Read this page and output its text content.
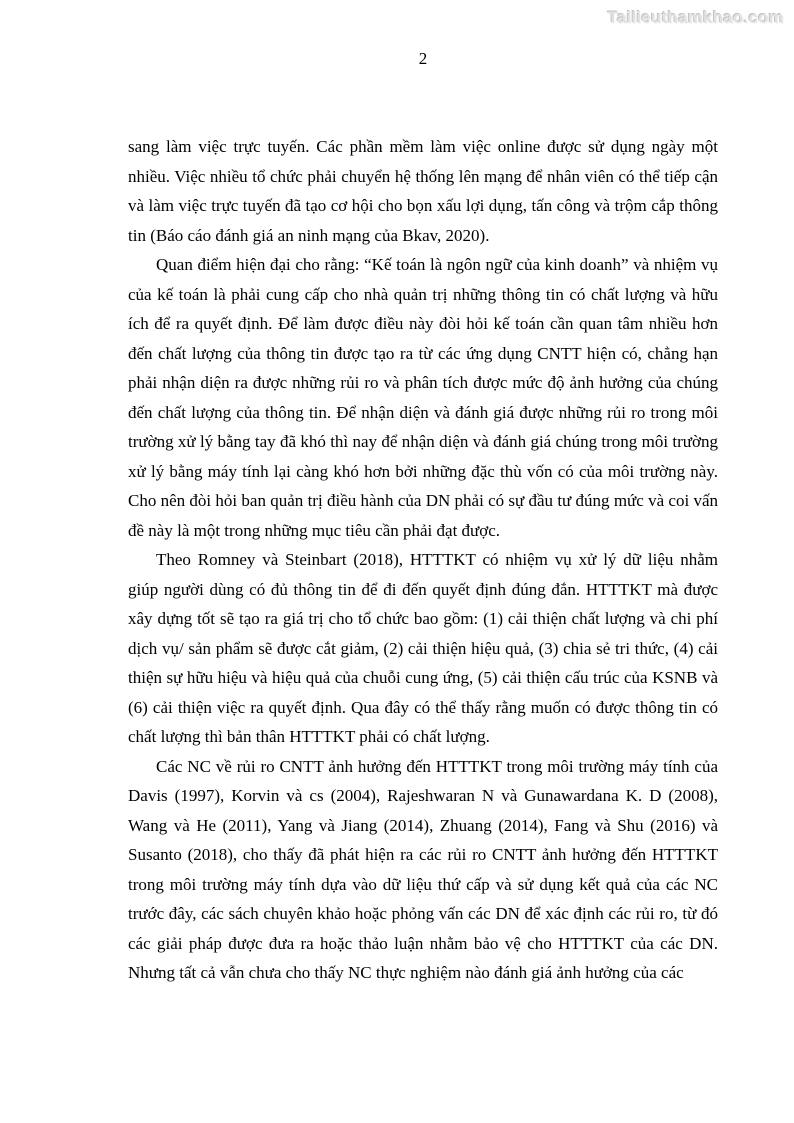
Tailieuthamkhao.com
2

sang làm việc trực tuyến. Các phần mềm làm việc online được sử dụng ngày một nhiều. Việc nhiều tổ chức phải chuyển hệ thống lên mạng để nhân viên có thể tiếp cận và làm việc trực tuyến đã tạo cơ hội cho bọn xấu lợi dụng, tấn công và trộm cắp thông tin (Báo cáo đánh giá an ninh mạng của Bkav, 2020).

Quan điểm hiện đại cho rằng: “Kế toán là ngôn ngữ của kinh doanh” và nhiệm vụ của kế toán là phải cung cấp cho nhà quản trị những thông tin có chất lượng và hữu ích để ra quyết định. Để làm được điều này đòi hỏi kế toán cần quan tâm nhiều hơn đến chất lượng của thông tin được tạo ra từ các ứng dụng CNTT hiện có, chẳng hạn phải nhận diện ra được những rủi ro và phân tích được mức độ ảnh hưởng của chúng đến chất lượng của thông tin. Để nhận diện và đánh giá được những rủi ro trong môi trường xử lý bằng tay đã khó thì nay để nhận diện và đánh giá chúng trong môi trường xử lý bằng máy tính lại càng khó hơn bởi những đặc thù vốn có của môi trường này. Cho nên đòi hỏi ban quản trị điều hành của DN phải có sự đầu tư đúng mức và coi vấn đề này là một trong những mục tiêu cần phải đạt được.

Theo Romney và Steinbart (2018), HTTTKT có nhiệm vụ xử lý dữ liệu nhằm giúp người dùng có đủ thông tin để đi đến quyết định đúng đắn. HTTTKT mà được xây dựng tốt sẽ tạo ra giá trị cho tổ chức bao gồm: (1) cải thiện chất lượng và chi phí dịch vụ/ sản phẩm sẽ được cắt giảm, (2) cải thiện hiệu quả, (3) chia sẻ tri thức, (4) cải thiện sự hữu hiệu và hiệu quả của chuỗi cung ứng, (5) cải thiện cấu trúc của KSNB và (6) cải thiện việc ra quyết định. Qua đây có thể thấy rằng muốn có được thông tin có chất lượng thì bản thân HTTTKT phải có chất lượng.

Các NC về rủi ro CNTT ảnh hưởng đến HTTTKT trong môi trường máy tính của Davis (1997), Korvin và cs (2004), Rajeshwaran N và Gunawardana K. D (2008), Wang và He (2011), Yang và Jiang (2014), Zhuang (2014), Fang và Shu (2016) và Susanto (2018), cho thấy đã phát hiện ra các rủi ro CNTT ảnh hưởng đến HTTTKT trong môi trường máy tính dựa vào dữ liệu thứ cấp và sử dụng kết quả của các NC trước đây, các sách chuyên khảo hoặc phỏng vấn các DN để xác định các rủi ro, từ đó các giải pháp được đưa ra hoặc thảo luận nhằm bảo vệ cho HTTTKT của các DN. Nhưng tất cả vẫn chưa cho thấy NC thực nghiệm nào đánh giá ảnh hưởng của các
